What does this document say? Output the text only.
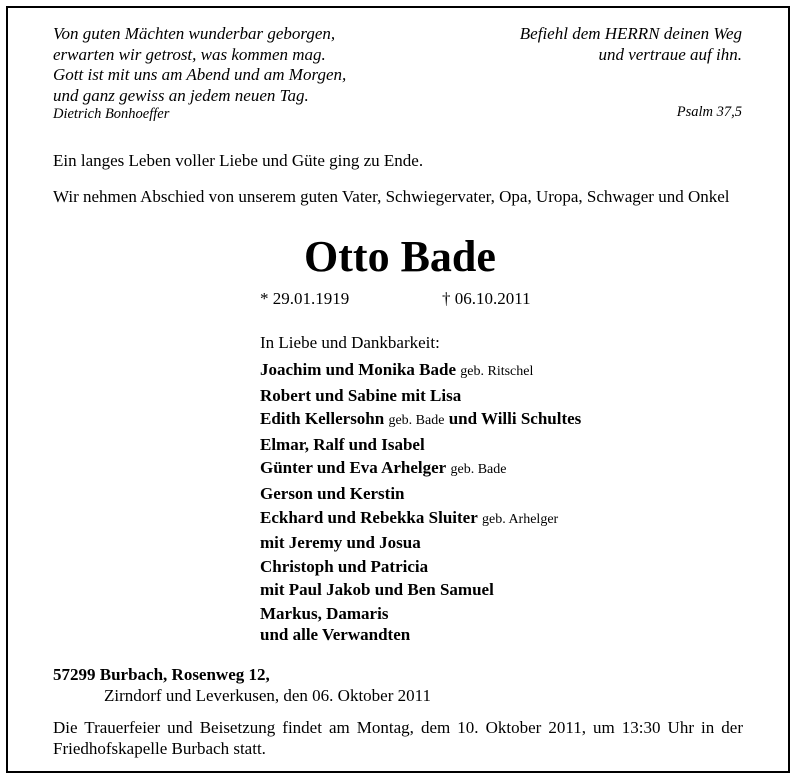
Von guten Mächten wunderbar geborgen,
erwarten wir getrost, was kommen mag.
Gott ist mit uns am Abend und am Morgen,
und ganz gewiss an jedem neuen Tag.
Dietrich Bonhoeffer
Befiehl dem HERRN deinen Weg
und vertraue auf ihn.
Psalm 37,5
Ein langes Leben voller Liebe und Güte ging zu Ende.
Wir nehmen Abschied von unserem guten Vater, Schwiegervater, Opa, Uropa, Schwager und Onkel
Otto Bade
* 29.01.1919	† 06.10.2011
In Liebe und Dankbarkeit:
Joachim und Monika Bade geb. Ritschel
Robert und Sabine mit Lisa
Edith Kellersohn geb. Bade und Willi Schultes
Elmar, Ralf und Isabel
Günter und Eva Arhelger geb. Bade
Gerson und Kerstin
Eckhard und Rebekka Sluiter geb. Arhelger
mit Jeremy und Josua
Christoph und Patricia
mit Paul Jakob und Ben Samuel
Markus, Damaris
und alle Verwandten
57299 Burbach, Rosenweg 12,
Zirndorf und Leverkusen, den 06. Oktober 2011
Die Trauerfeier und Beisetzung findet am Montag, dem 10. Oktober 2011, um 13:30 Uhr in der Friedhofskapelle Burbach statt.
